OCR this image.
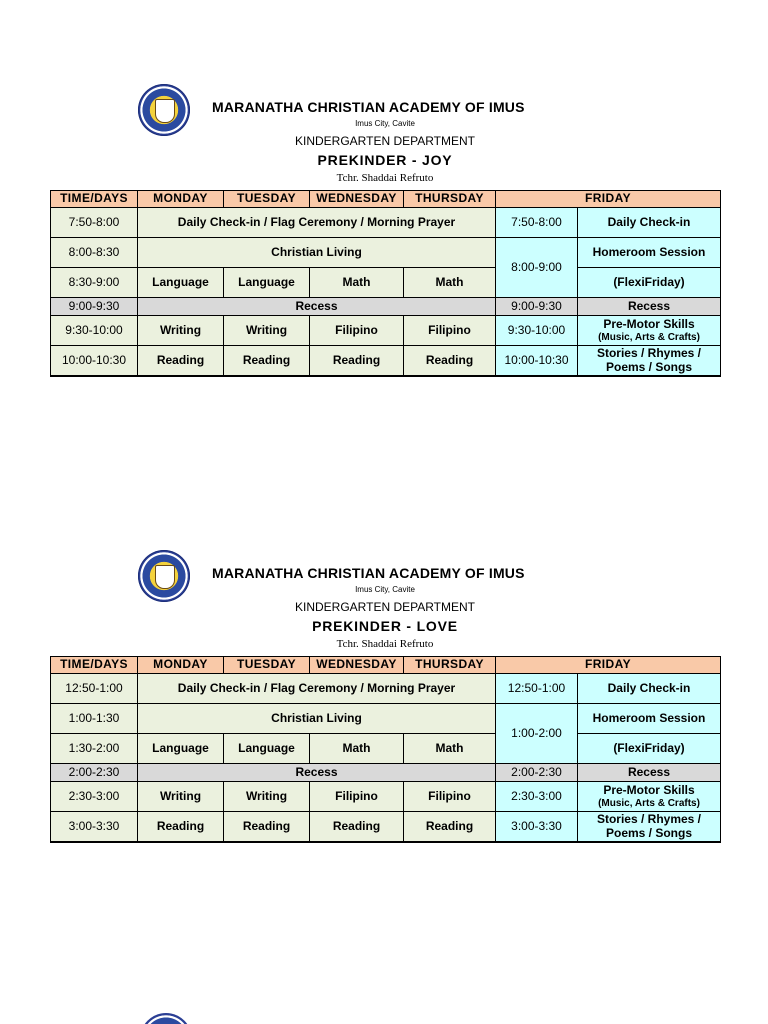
MARANATHA CHRISTIAN ACADEMY OF IMUS
Imus City, Cavite
KINDERGARTEN DEPARTMENT
PREKINDER - JOY
Tchr. Shaddai Refruto
TIME/DAYS	MONDAY	TUESDAY	WEDNESDAY	THURSDAY	FRIDAY	
7:50-8:00	Daily Check-in / Flag Ceremony / Morning Prayer				7:50-8:00	Daily Check-in
8:00-8:30	Christian Living				8:00-9:00	Homeroom Session
8:30-9:00	Language	Language	Math	Math		(FlexiFriday)
9:00-9:30	Recess				9:00-9:30	Recess
9:30-10:00	Writing	Writing	Filipino	Filipino	9:30-10:00	Pre-Motor Skills
(Music, Arts & Crafts)

10:00-10:30	Reading	Reading	Reading	Reading	10:00-10:30	Stories / Rhymes /
Poems / Songs
MARANATHA CHRISTIAN ACADEMY OF IMUS
Imus City, Cavite
KINDERGARTEN DEPARTMENT
PREKINDER - LOVE
Tchr. Shaddai Refruto
TIME/DAYS	MONDAY	TUESDAY	WEDNESDAY	THURSDAY	FRIDAY	
12:50-1:00	Daily Check-in / Flag Ceremony / Morning Prayer				12:50-1:00	Daily Check-in
1:00-1:30	Christian Living				1:00-2:00	Homeroom Session
1:30-2:00	Language	Language	Math	Math		(FlexiFriday)
2:00-2:30	Recess				2:00-2:30	Recess
2:30-3:00	Writing	Writing	Filipino	Filipino	2:30-3:00	Pre-Motor Skills
(Music, Arts & Crafts)

3:00-3:30	Reading	Reading	Reading	Reading	3:00-3:30	Stories / Rhymes /
Poems / Songs
